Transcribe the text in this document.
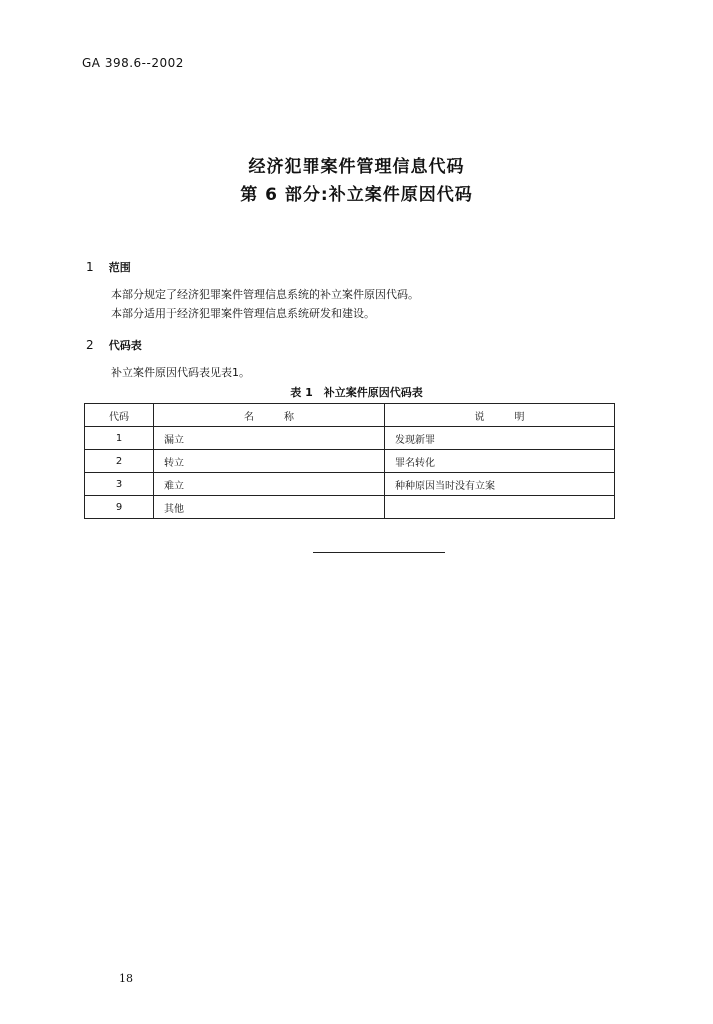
GA 398.6--2002
经济犯罪案件管理信息代码
第 6 部分:补立案件原因代码
1 范围
本部分规定了经济犯罪案件管理信息系统的补立案件原因代码。
本部分适用于经济犯罪案件管理信息系统研发和建设。
2 代码表
补立案件原因代码表见表1。
表 1　补立案件原因代码表
代码	名　　　称	说　　　明
1	漏立	发现新罪
2	转立	罪名转化
3	难立	种种原因当时没有立案
9	其他	
18
